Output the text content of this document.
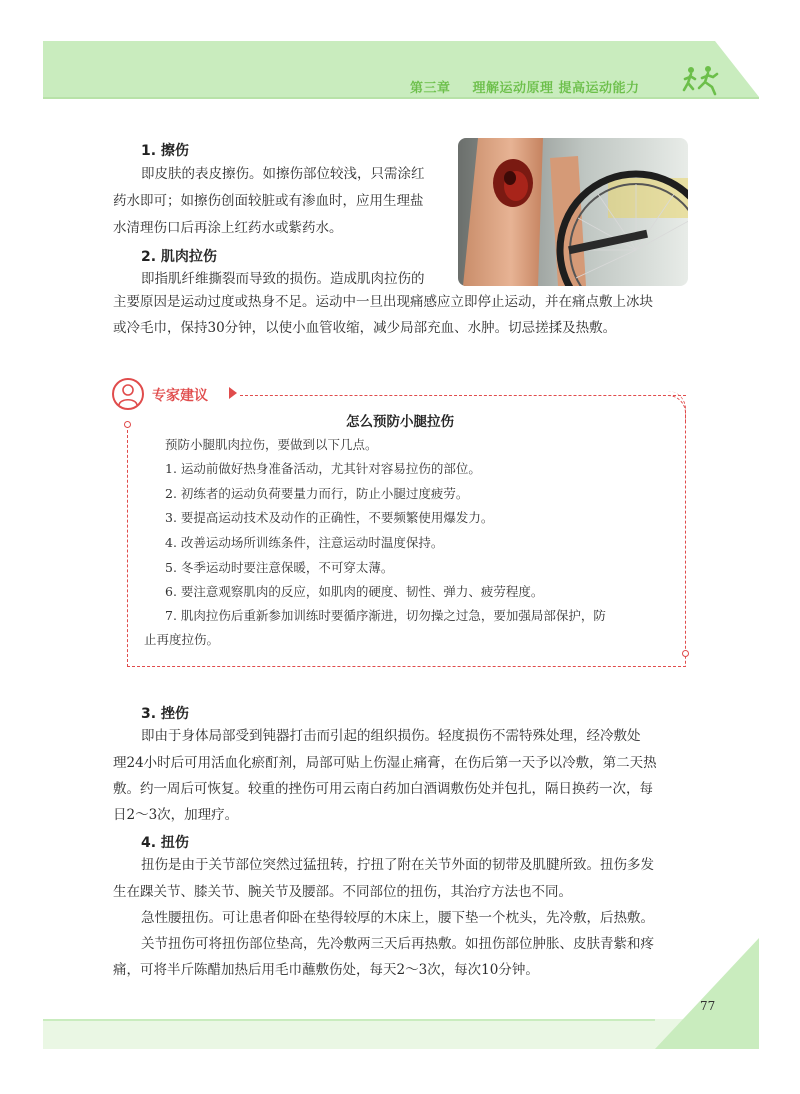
第三章 理解运动原理 提高运动能力
1. 擦伤
即皮肤的表皮擦伤。如擦伤部位较浅，只需涂红
药水即可；如擦伤创面较脏或有渗血时，应用生理盐
水清理伤口后再涂上红药水或紫药水。
2. 肌肉拉伤
即指肌纤维撕裂而导致的损伤。造成肌肉拉伤的
主要原因是运动过度或热身不足。运动中一旦出现痛感应立即停止运动，并在痛点敷上冰块
或冷毛巾，保持30分钟，以使小血管收缩，减少局部充血、水肿。切忌搓揉及热敷。
专家建议
怎么预防小腿拉伤
预防小腿肌肉拉伤，要做到以下几点。
1. 运动前做好热身准备活动，尤其针对容易拉伤的部位。
2. 初练者的运动负荷要量力而行，防止小腿过度疲劳。
3. 要提高运动技术及动作的正确性，不要频繁使用爆发力。
4. 改善运动场所训练条件，注意运动时温度保持。
5. 冬季运动时要注意保暖，不可穿太薄。
6. 要注意观察肌肉的反应，如肌肉的硬度、韧性、弹力、疲劳程度。
7. 肌肉拉伤后重新参加训练时要循序渐进，切勿操之过急，要加强局部保护，防
止再度拉伤。
3. 挫伤
即由于身体局部受到钝器打击而引起的组织损伤。轻度损伤不需特殊处理，经冷敷处
理24小时后可用活血化瘀酊剂，局部可贴上伤湿止痛膏，在伤后第一天予以冷敷，第二天热
敷。约一周后可恢复。较重的挫伤可用云南白药加白酒调敷伤处并包扎，隔日换药一次，每
日2～3次，加理疗。
4. 扭伤
扭伤是由于关节部位突然过猛扭转，拧扭了附在关节外面的韧带及肌腱所致。扭伤多发
生在踝关节、膝关节、腕关节及腰部。不同部位的扭伤，其治疗方法也不同。
急性腰扭伤。可让患者仰卧在垫得较厚的木床上，腰下垫一个枕头，先冷敷，后热敷。
关节扭伤可将扭伤部位垫高，先冷敷两三天后再热敷。如扭伤部位肿胀、皮肤青紫和疼
痛，可将半斤陈醋加热后用毛巾蘸敷伤处，每天2～3次，每次10分钟。
77
